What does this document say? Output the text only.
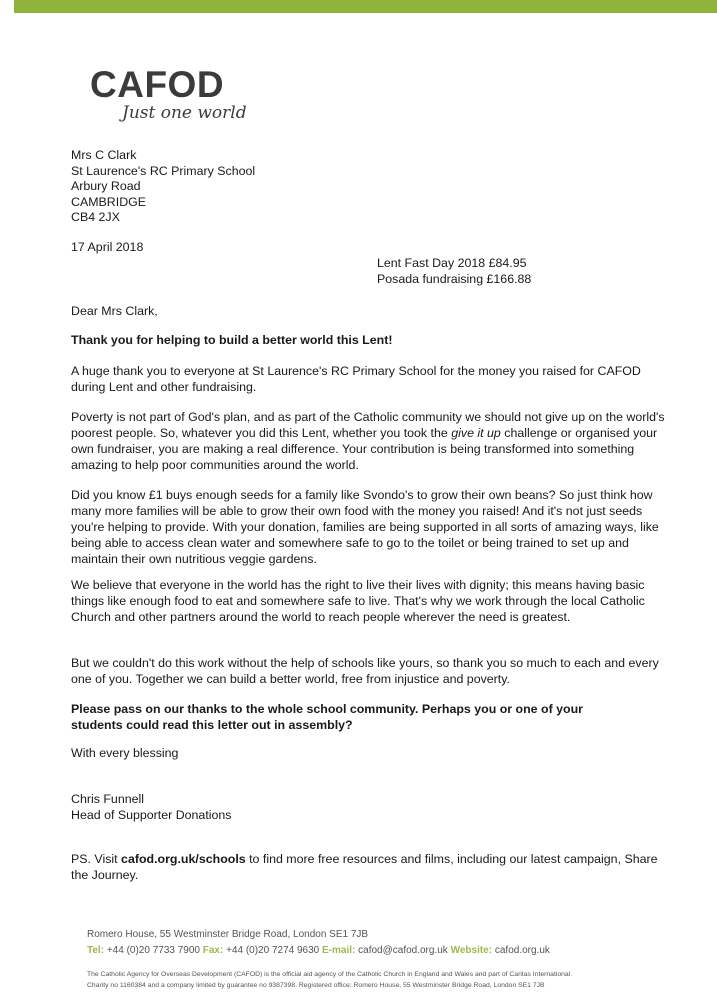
CAFOD
Just one world
Mrs C Clark
St Laurence's RC Primary School
Arbury Road
CAMBRIDGE
CB4 2JX
17 April 2018
Lent Fast Day 2018 £84.95
Posada fundraising £166.88
Dear Mrs Clark,
Thank you for helping to build a better world this Lent!

A huge thank you to everyone at St Laurence's RC Primary School for the money you raised for CAFOD during Lent and other fundraising.

Poverty is not part of God's plan, and as part of the Catholic community we should not give up on the world's poorest people. So, whatever you did this Lent, whether you took the give it up challenge or organised your own fundraiser, you are making a real difference. Your contribution is being transformed into something amazing to help poor communities around the world.

Did you know £1 buys enough seeds for a family like Svondo's to grow their own beans? So just think how many more families will be able to grow their own food with the money you raised! And it's not just seeds you're helping to provide. With your donation, families are being supported in all sorts of amazing ways, like being able to access clean water and somewhere safe to go to the toilet or being trained to set up and maintain their own nutritious veggie gardens.

We believe that everyone in the world has the right to live their lives with dignity; this means having basic things like enough food to eat and somewhere safe to live. That's why we work through the local Catholic Church and other partners around the world to reach people wherever the need is greatest.

But we couldn't do this work without the help of schools like yours, so thank you so much to each and every one of you. Together we can build a better world, free from injustice and poverty.

Please pass on our thanks to the whole school community. Perhaps you or one of your students could read this letter out in assembly?

With every blessing
Chris Funnell
Head of Supporter Donations

PS. Visit cafod.org.uk/schools to find more free resources and films, including our latest campaign, Share the Journey.

Romero House, 55 Westminster Bridge Road, London SE1 7JB
Tel: +44 (0)20 7733 7900 Fax: +44 (0)20 7274 9630 E-mail: cafod@cafod.org.uk Website: cafod.org.uk
The Catholic Agency for Overseas Development (CAFOD) is the official aid agency of the Catholic Church in England and Wales and part of Caritas International.
Charity no 1160384 and a company limited by guarantee no 9387398. Registered office: Romero House, 55 Westminster Bridge Road, London SE1 7JB
